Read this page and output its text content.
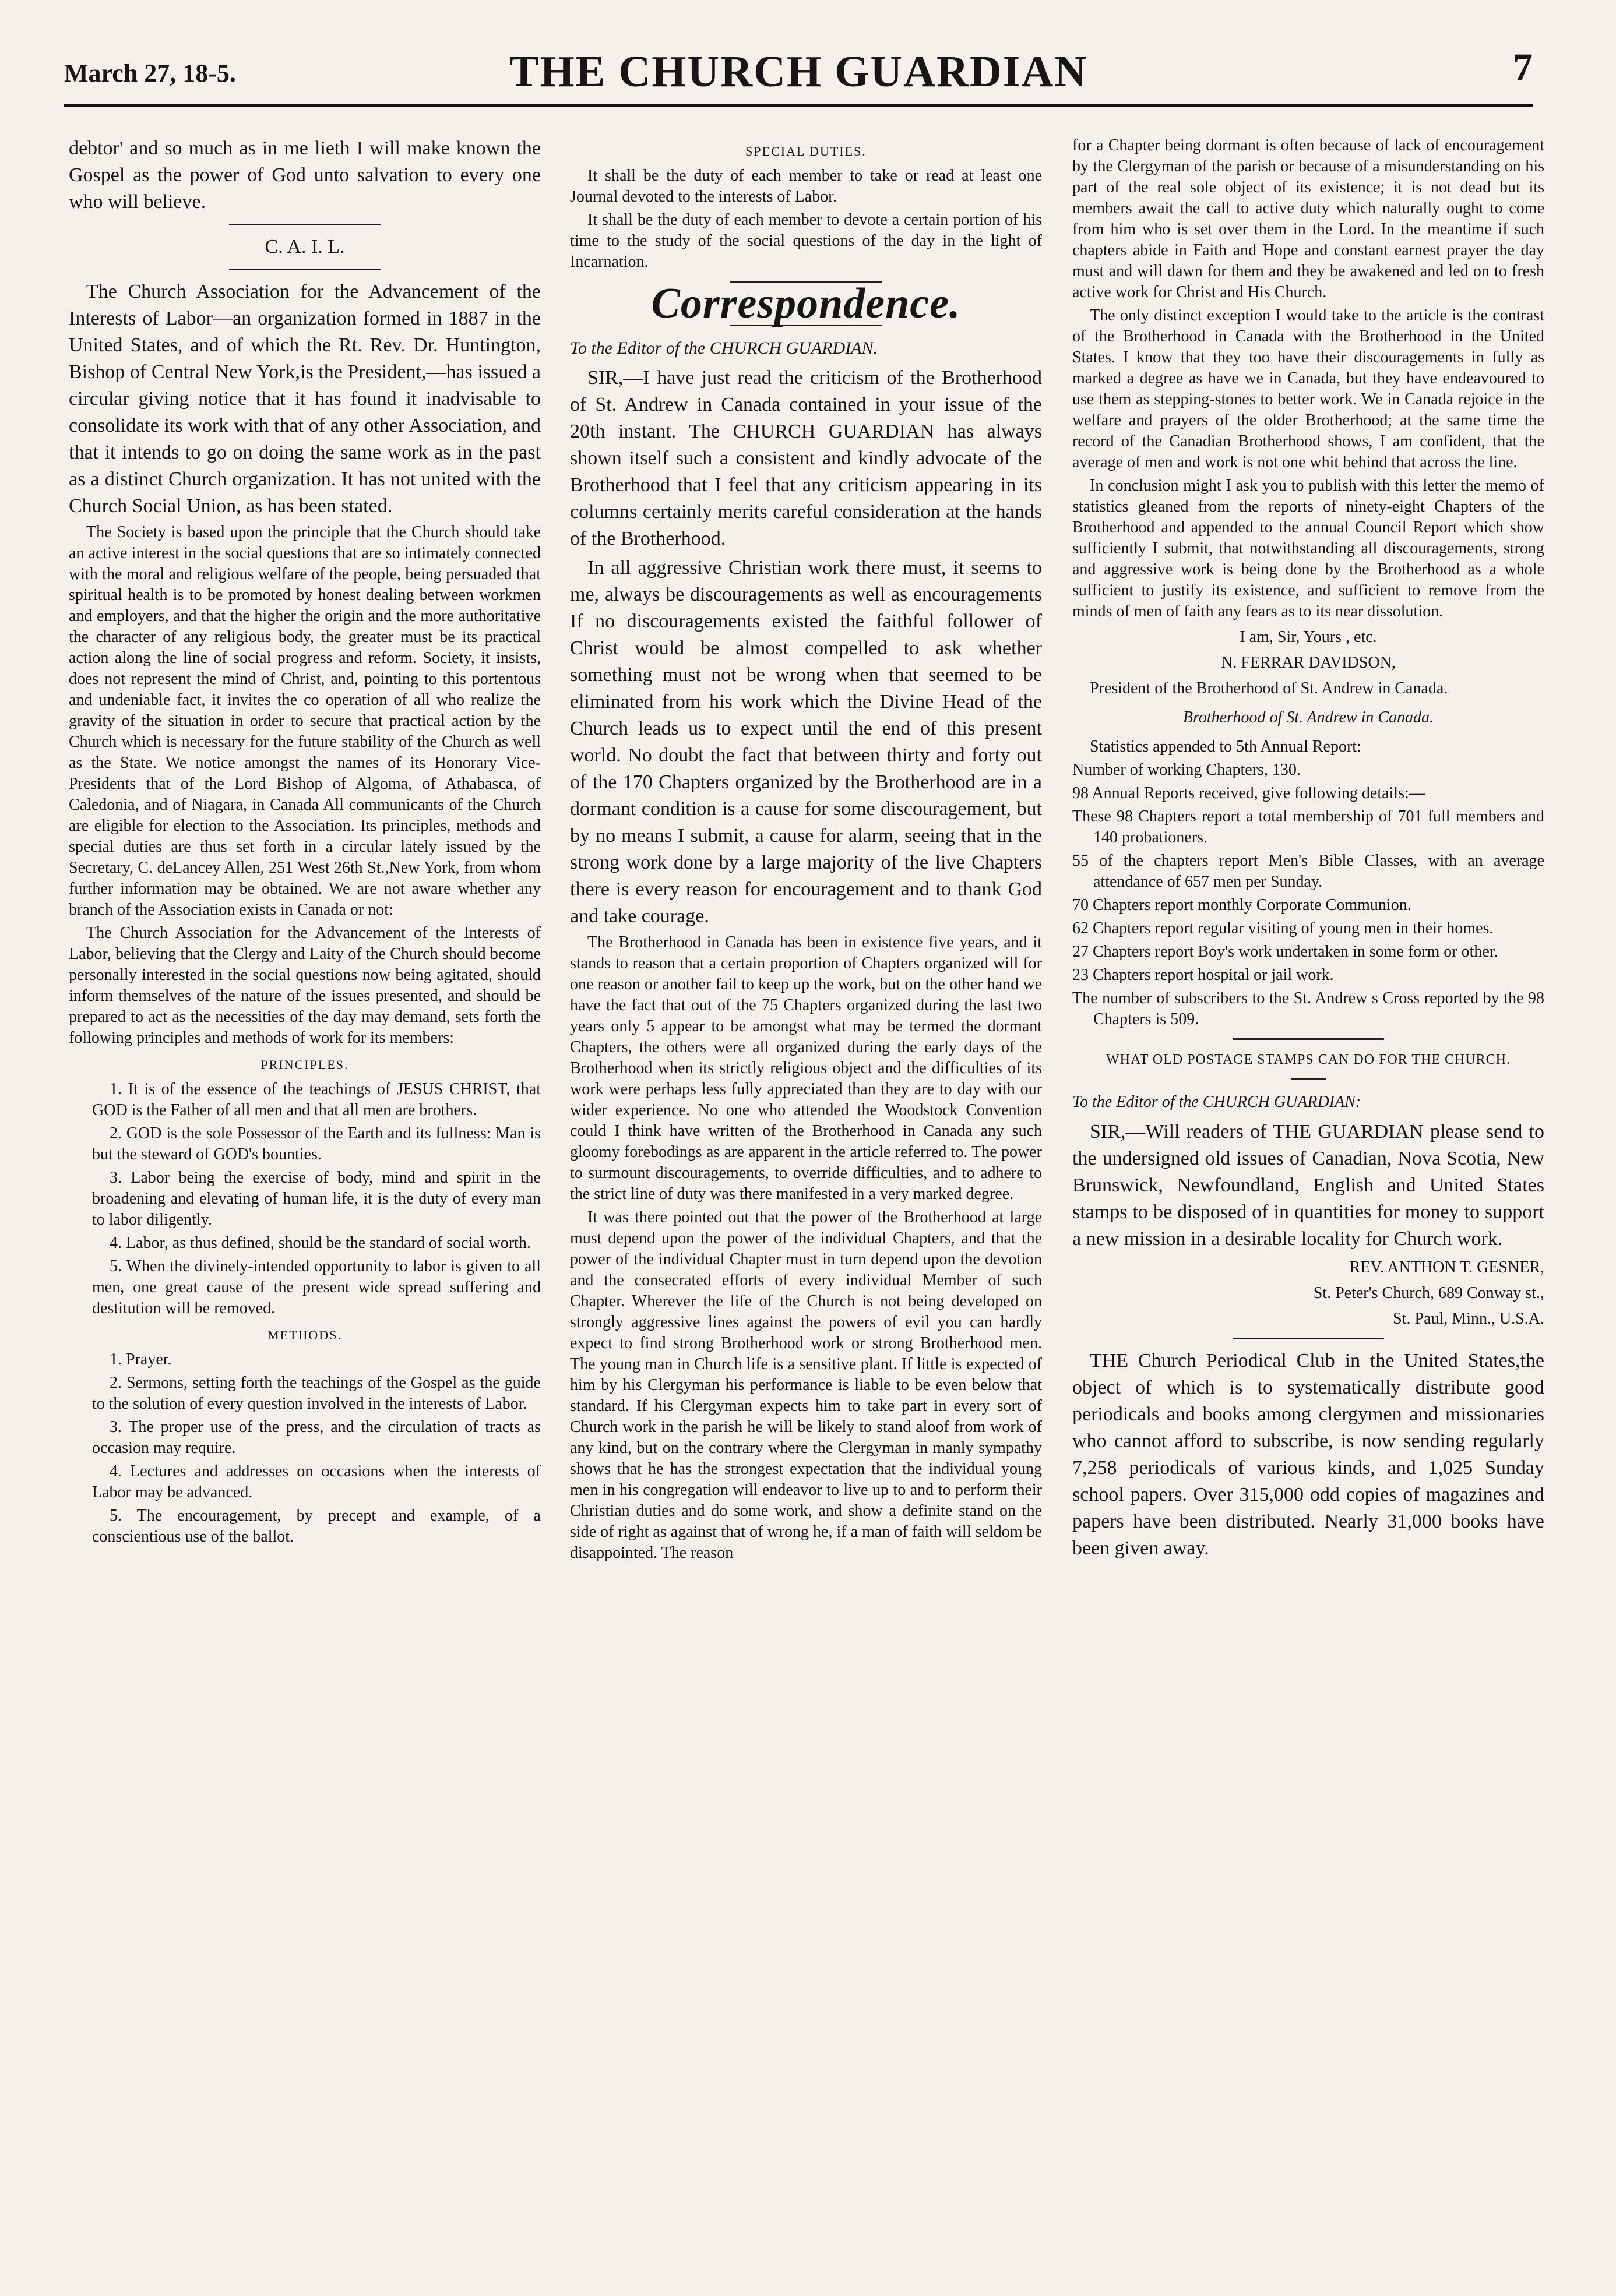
March 27, 18-5.	THE CHURCH GUARDIAN	7

debtor' and so much as in me lieth I will make known the Gospel as the power of God unto salvation to every one who will believe.

C. A. I. L.

The Church Association for the Advancement of the Interests of Labor—an organization formed in 1887 in the United States, and of which the Rt. Rev. Dr. Huntington, Bishop of Central New York,is the President,—has issued a circular giving notice that it has found it inadvisable to consolidate its work with that of any other Association, and that it intends to go on doing the same work as in the past as a distinct Church organization. It has not united with the Church Social Union, as has been stated.

The Society is based upon the principle that the Church should take an active interest in the social questions that are so intimately connected with the moral and religious welfare of the people, being persuaded that spiritual health is to be promoted by honest dealing between workmen and employers, and that the higher the origin and the more authoritative the character of any religious body, the greater must be its practical action along the line of social progress and reform. Society, it insists, does not represent the mind of Christ, and, pointing to this portentous and undeniable fact, it invites the co operation of all who realize the gravity of the situation in order to secure that practical action by the Church which is necessary for the future stability of the Church as well as the State. We notice amongst the names of its Honorary Vice-Presidents that of the Lord Bishop of Algoma, of Athabasca, of Caledonia, and of Niagara, in Canada All communicants of the Church are eligible for election to the Association. Its principles, methods and special duties are thus set forth in a circular lately issued by the Secretary, C. deLancey Allen, 251 West 26th St.,New York, from whom further information may be obtained. We are not aware whether any branch of the Association exists in Canada or not:

The Church Association for the Advancement of the Interests of Labor, believing that the Clergy and Laity of the Church should become personally interested in the social questions now being agitated, should inform themselves of the nature of the issues presented, and should be prepared to act as the necessities of the day may demand, sets forth the following principles and methods of work for its members:

PRINCIPLES.

1. It is of the essence of the teachings of JESUS CHRIST, that GOD is the Father of all men and that all men are brothers.

2. GOD is the sole Possessor of the Earth and its fullness: Man is but the steward of GOD's bounties.

3. Labor being the exercise of body, mind and spirit in the broadening and elevating of human life, it is the duty of every man to labor diligently.

4. Labor, as thus defined, should be the standard of social worth.

5. When the divinely-intended opportunity to labor is given to all men, one great cause of the present wide spread suffering and destitution will be removed.

METHODS.

1. Prayer.

2. Sermons, setting forth the teachings of the Gospel as the guide to the solution of every question involved in the interests of Labor.

3. The proper use of the press, and the circulation of tracts as occasion may require.

4. Lectures and addresses on occasions when the interests of Labor may be advanced.

5. The encouragement, by precept and example, of a conscientious use of the ballot.

SPECIAL DUTIES.

It shall be the duty of each member to take or read at least one Journal devoted to the interests of Labor.

It shall be the duty of each member to devote a certain portion of his time to the study of the social questions of the day in the light of Incarnation.

Correspondence.
To the Editor of the CHURCH GUARDIAN.

SIR,—I have just read the criticism of the Brotherhood of St. Andrew in Canada contained in your issue of the 20th instant. The CHURCH GUARDIAN has always shown itself such a consistent and kindly advocate of the Brotherhood that I feel that any criticism appearing in its columns certainly merits careful consideration at the hands of the Brotherhood.

In all aggressive Christian work there must, it seems to me, always be discouragements as well as encouragements If no discouragements existed the faithful follower of Christ would be almost compelled to ask whether something must not be wrong when that seemed to be eliminated from his work which the Divine Head of the Church leads us to expect until the end of this present world. No doubt the fact that between thirty and forty out of the 170 Chapters organized by the Brotherhood are in a dormant condition is a cause for some discouragement, but by no means I submit, a cause for alarm, seeing that in the strong work done by a large majority of the live Chapters there is every reason for encouragement and to thank God and take courage.

The Brotherhood in Canada has been in existence five years, and it stands to reason that a certain proportion of Chapters organized will for one reason or another fail to keep up the work, but on the other hand we have the fact that out of the 75 Chapters organized during the last two years only 5 appear to be amongst what may be termed the dormant Chapters, the others were all organized during the early days of the Brotherhood when its strictly religious object and the difficulties of its work were perhaps less fully appreciated than they are to day with our wider experience. No one who attended the Woodstock Convention could I think have written of the Brotherhood in Canada any such gloomy forebodings as are apparent in the article referred to. The power to surmount discouragements, to override difficulties, and to adhere to the strict line of duty was there manifested in a very marked degree.

It was there pointed out that the power of the Brotherhood at large must depend upon the power of the individual Chapters, and that the power of the individual Chapter must in turn depend upon the devotion and the consecrated efforts of every individual Member of such Chapter. Wherever the life of the Church is not being developed on strongly aggressive lines against the powers of evil you can hardly expect to find strong Brotherhood work or strong Brotherhood men. The young man in Church life is a sensitive plant. If little is expected of him by his Clergyman his performance is liable to be even below that standard. If his Clergyman expects him to take part in every sort of Church work in the parish he will be likely to stand aloof from work of any kind, but on the contrary where the Clergyman in manly sympathy shows that he has the strongest expectation that the individual young men in his congregation will endeavor to live up to and to perform their Christian duties and do some work, and show a definite stand on the side of right as against that of wrong he, if a man of faith will seldom be disappointed. The reason

for a Chapter being dormant is often because of lack of encouragement by the Clergyman of the parish or because of a misunderstanding on his part of the real sole object of its existence; it is not dead but its members await the call to active duty which naturally ought to come from him who is set over them in the Lord. In the meantime if such chapters abide in Faith and Hope and constant earnest prayer the day must and will dawn for them and they be awakened and led on to fresh active work for Christ and His Church.

The only distinct exception I would take to the article is the contrast of the Brotherhood in Canada with the Brotherhood in the United States. I know that they too have their discouragements in fully as marked a degree as have we in Canada, but they have endeavoured to use them as stepping-stones to better work. We in Canada rejoice in the welfare and prayers of the older Brotherhood; at the same time the record of the Canadian Brotherhood shows, I am confident, that the average of men and work is not one whit behind that across the line.

In conclusion might I ask you to publish with this letter the memo of statistics gleaned from the reports of ninety-eight Chapters of the Brotherhood and appended to the annual Council Report which show sufficiently I submit, that notwithstanding all discouragements, strong and aggressive work is being done by the Brotherhood as a whole sufficient to justify its existence, and sufficient to remove from the minds of men of faith any fears as to its near dissolution.

I am, Sir, Yours , etc.
N. FERRAR DAVIDSON,

President of the Brotherhood of St. Andrew in Canada.

Brotherhood of St. Andrew in Canada.

Statistics appended to 5th Annual Report:

Number of working Chapters, 130.

98 Annual Reports received, give following details:—

These 98 Chapters report a total membership of 701 full members and 140 probationers.

55 of the chapters report Men's Bible Classes, with an average attendance of 657 men per Sunday.

70 Chapters report monthly Corporate Communion.

62 Chapters report regular visiting of young men in their homes.

27 Chapters report Boy's work undertaken in some form or other.

23 Chapters report hospital or jail work.

The number of subscribers to the St. Andrew s Cross reported by the 98 Chapters is 509.

WHAT OLD POSTAGE STAMPS CAN DO FOR THE CHURCH.
To the Editor of the CHURCH GUARDIAN:

SIR,—Will readers of THE GUARDIAN please send to the undersigned old issues of Canadian, Nova Scotia, New Brunswick, Newfoundland, English and United States stamps to be disposed of in quantities for money to support a new mission in a desirable locality for Church work.

REV. ANTHON T. GESNER,
St. Peter's Church, 689 Conway st.,
St. Paul, Minn., U.S.A.

THE Church Periodical Club in the United States,the object of which is to systematically distribute good periodicals and books among clergymen and missionaries who cannot afford to subscribe, is now sending regularly 7,258 periodicals of various kinds, and 1,025 Sunday school papers. Over 315,000 odd copies of magazines and papers have been distributed. Nearly 31,000 books have been given away.
